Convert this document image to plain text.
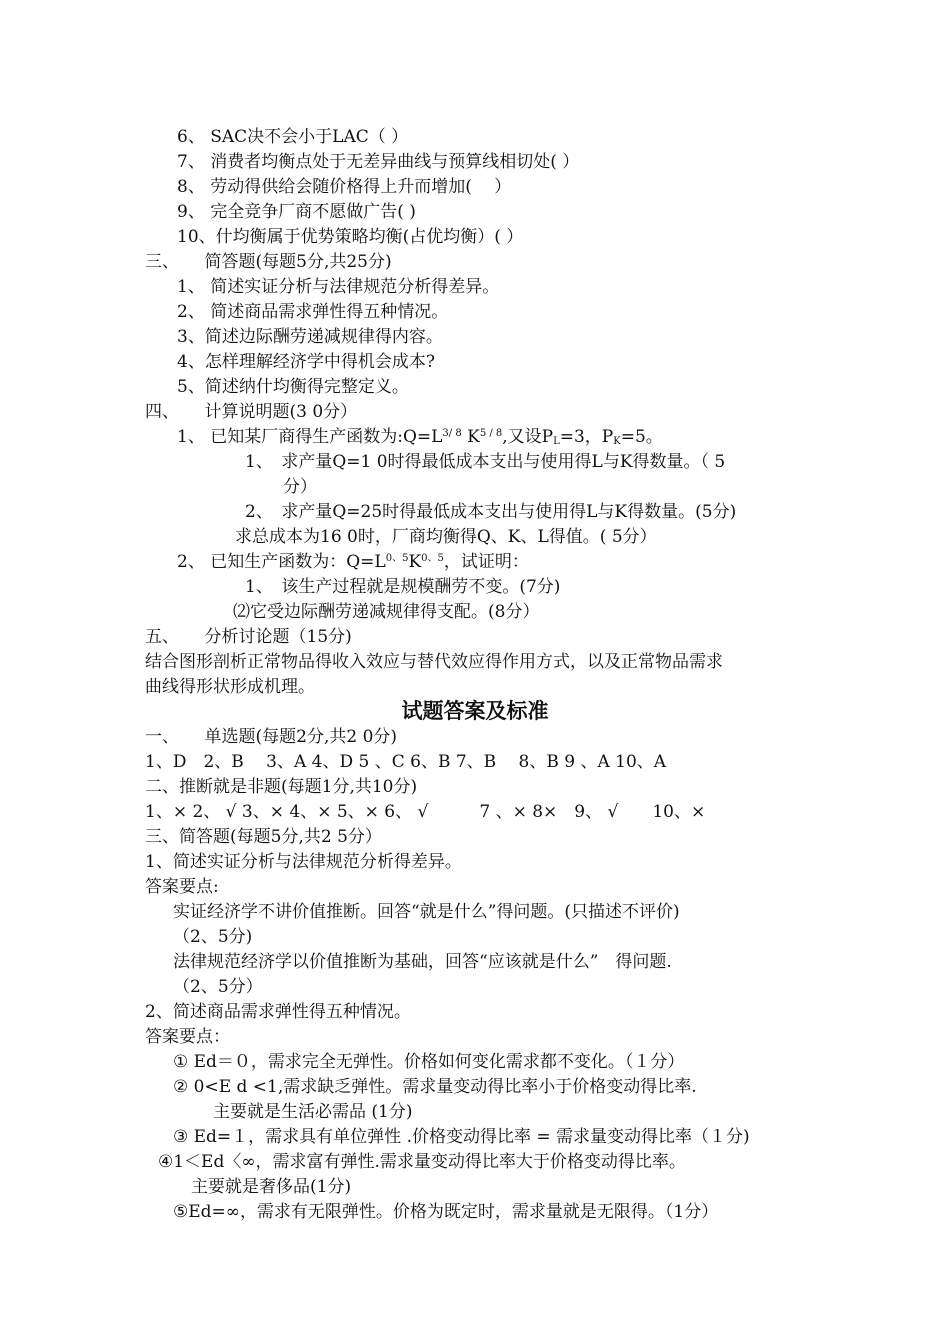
6、 SAC决不会小于LAC（ ）
7、 消费者均衡点处于无差异曲线与预算线相切处( ）
8、 劳动得供给会随价格得上升而增加(　 ）
9、 完全竞争厂商不愿做广告( )
10、什均衡属于优势策略均衡(占优均衡）( ）
三、　　简答题(每题5分,共25分)
1、 简述实证分析与法律规范分析得差异。
2、 简述商品需求弹性得五种情况。
3、简述边际酬劳递减规律得内容。
4、怎样理解经济学中得机会成本?
5、简述纳什均衡得完整定义。
四、　　计算说明题(3 0分）
1、 已知某厂商得生产函数为$:Q=L^{3/ 8}$ $K^{5 / 8}$,又设$P_L=3$，$P_K=5$。
1、　求产量Q=1 0时得最低成本支出与使用得L与K得数量。（ 5
分）
2、　求产量Q=25时得最低成本支出与使用得L与K得数量。(5分)
求总成本为16 0时，厂商均衡得Q、K、L得值。( 5分）
2、 已知生产函数为：$Q=L^{0、5}K^{0、5}$，试证明：
1、　该生产过程就是规模酬劳不变。(7分)
⑵它受边际酬劳递减规律得支配。(8分）
五、　　分析讨论题（15分)
结合图形剖析正常物品得收入效应与替代效应得作用方式，以及正常物品需求
曲线得形状形成机理。
试题答案及标准
一、　　单选题(每题2分,共2 0分)
1、D　2、B　 3、A 4、D 5 、C 6、B 7、B　 8、B 9 、A 10、A
二、推断就是非题(每题1分,共10分)
1、× 2、 √ 3、× 4、× 5、× 6、 √　　　7 、× 8×　9、 √　　10、×
三、简答题(每题5分,共2 5分）
1、简述实证分析与法律规范分析得差异。
答案要点:
实证经济学不讲价值推断。回答“就是什么”得问题。(只描述不评价)
（2、5分)
法律规范经济学以价值推断为基础，回答“应该就是什么”　得问题.
（2、5分）
2、简述商品需求弹性得五种情况。
答案要点：
① Ed＝０，需求完全无弹性。价格如何变化需求都不变化。（１分）
② 0<E d <1,需求缺乏弹性。需求量变动得比率小于价格变动得比率.
主要就是生活必需品 (1分)
③ Ed=１，需求具有单位弹性 .价格变动得比率 = 需求量变动得比率（１分)
④1＜Ed〈∞，需求富有弹性.需求量变动得比率大于价格变动得比率。
主要就是奢侈品(1分)
⑤Ed=∞，需求有无限弹性。价格为既定时，需求量就是无限得。（1分）
